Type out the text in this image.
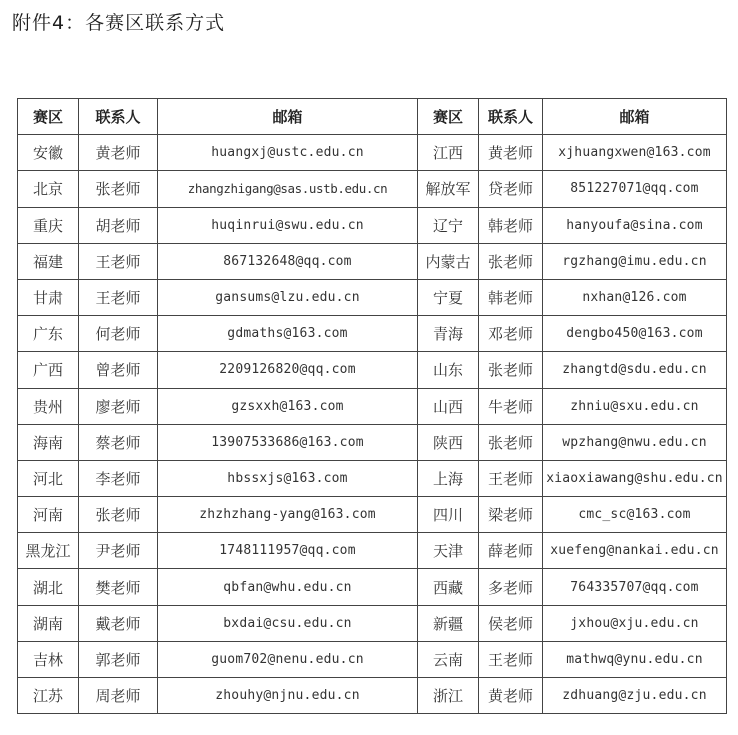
附件4：各赛区联系方式
赛区	联系人	邮箱	赛区	联系人	邮箱
安徽	黄老师	huangxj@ustc.edu.cn	江西	黄老师	xjhuangxwen@163.com
北京	张老师	zhangzhigang@sas.ustb.edu.cn	解放军	贷老师	851227071@qq.com
重庆	胡老师	huqinrui@swu.edu.cn	辽宁	韩老师	hanyoufa@sina.com
福建	王老师	867132648@qq.com	内蒙古	张老师	rgzhang@imu.edu.cn
甘肃	王老师	gansums@lzu.edu.cn	宁夏	韩老师	nxhan@126.com
广东	何老师	gdmaths@163.com	青海	邓老师	dengbo450@163.com
广西	曾老师	2209126820@qq.com	山东	张老师	zhangtd@sdu.edu.cn
贵州	廖老师	gzsxxh@163.com	山西	牛老师	zhniu@sxu.edu.cn
海南	蔡老师	13907533686@163.com	陕西	张老师	wpzhang@nwu.edu.cn
河北	李老师	hbssxjs@163.com	上海	王老师	xiaoxiawang@shu.edu.cn
河南	张老师	zhzhzhang-yang@163.com	四川	梁老师	cmc_sc@163.com
黑龙江	尹老师	1748111957@qq.com	天津	薛老师	xuefeng@nankai.edu.cn
湖北	樊老师	qbfan@whu.edu.cn	西藏	多老师	764335707@qq.com
湖南	戴老师	bxdai@csu.edu.cn	新疆	侯老师	jxhou@xju.edu.cn
吉林	郭老师	guom702@nenu.edu.cn	云南	王老师	mathwq@ynu.edu.cn
江苏	周老师	zhouhy@njnu.edu.cn	浙江	黄老师	zdhuang@zju.edu.cn
